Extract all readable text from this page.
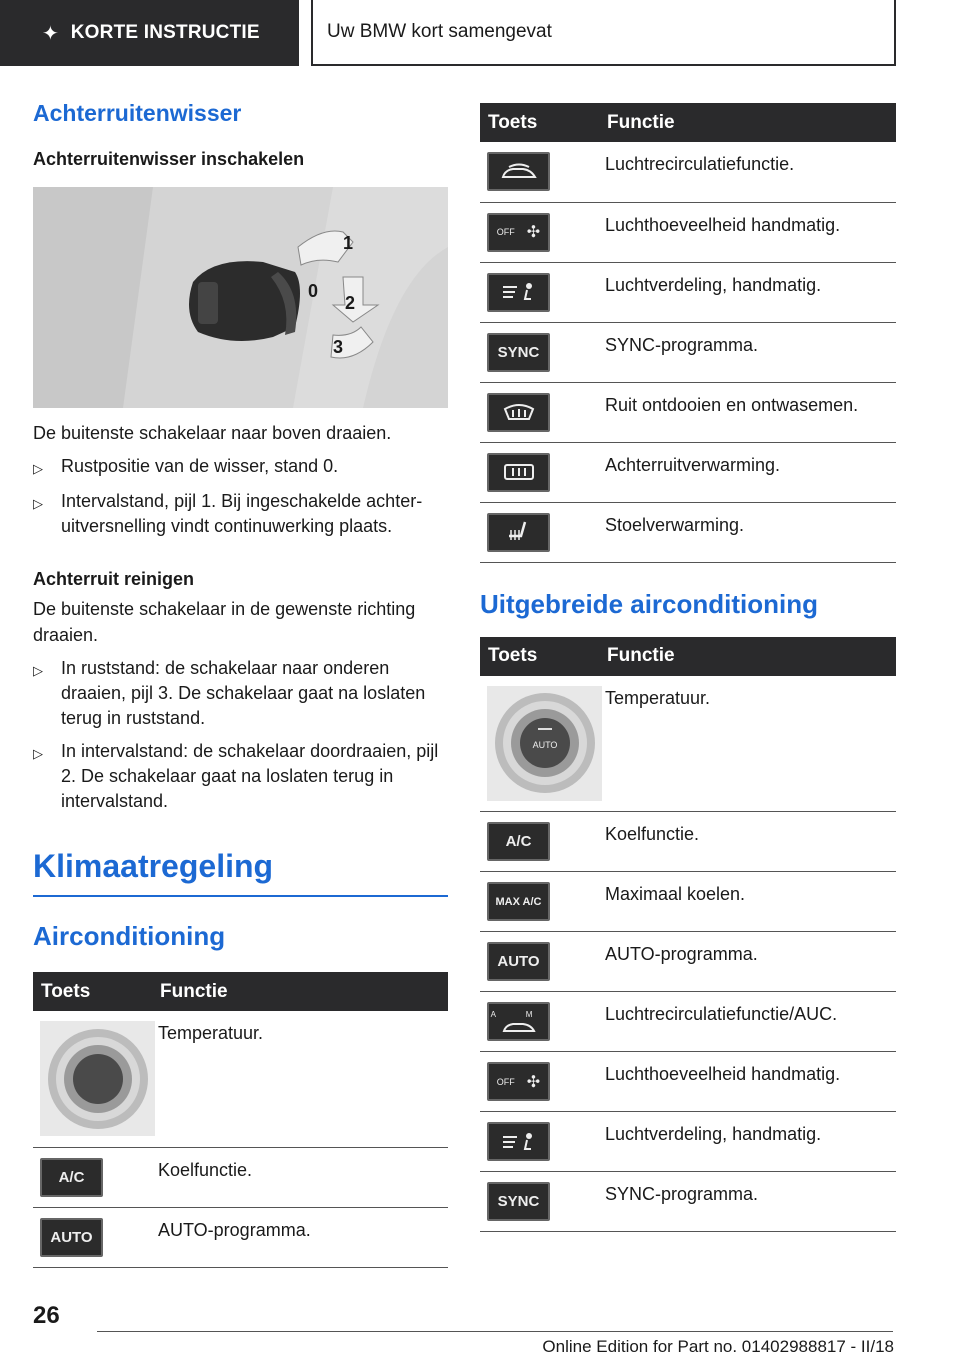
✦ KORTE INSTRUCTIE	Uw BMW kort samengevat
Achterruitenwisser
Achterruitenwisser inschakelen
1
0
2
3
De buitenste schakelaar naar boven draaien.
▷	Rustpositie van de wisser, stand 0.
▷	Intervalstand, pijl 1. Bij ingeschakelde achteruitversnelling vindt continuwerking plaats.
Achterruit reinigen
De buitenste schakelaar in de gewenste richting draaien.
▷	In ruststand: de schakelaar naar onderen draaien, pijl 3. De schakelaar gaat na loslaten terug in ruststand.
▷	In intervalstand: de schakelaar doordraaien, pijl 2. De schakelaar gaat na loslaten terug in intervalstand.
Klimaatregeling
Airconditioning
Toets	Functie

	Temperatuur.

A/C	Koelfunctie.

AUTO	AUTO-programma.
Toets	Functie

	Luchtrecirculatiefunctie.

OFF ✣	Luchthoeveelheid handmatig.

	Luchtverdeling, handmatig.

SYNC	SYNC-programma.

	Ruit ontdooien en ontwasemen.

	Achterruitverwarming.

	Stoelverwarming.
Uitgebreide airconditioning
Toets	Functie

AUTO	Temperatuur.

A/C	Koelfunctie.

MAX A/C	Maximaal koelen.

AUTO	AUTO-programma.

A M	Luchtrecirculatiefunctie/AUC.

OFF ✣	Luchthoeveelheid handmatig.

	Luchtverdeling, handmatig.

SYNC	SYNC-programma.
26
Online Edition for Part no. 01402988817 - II/18
